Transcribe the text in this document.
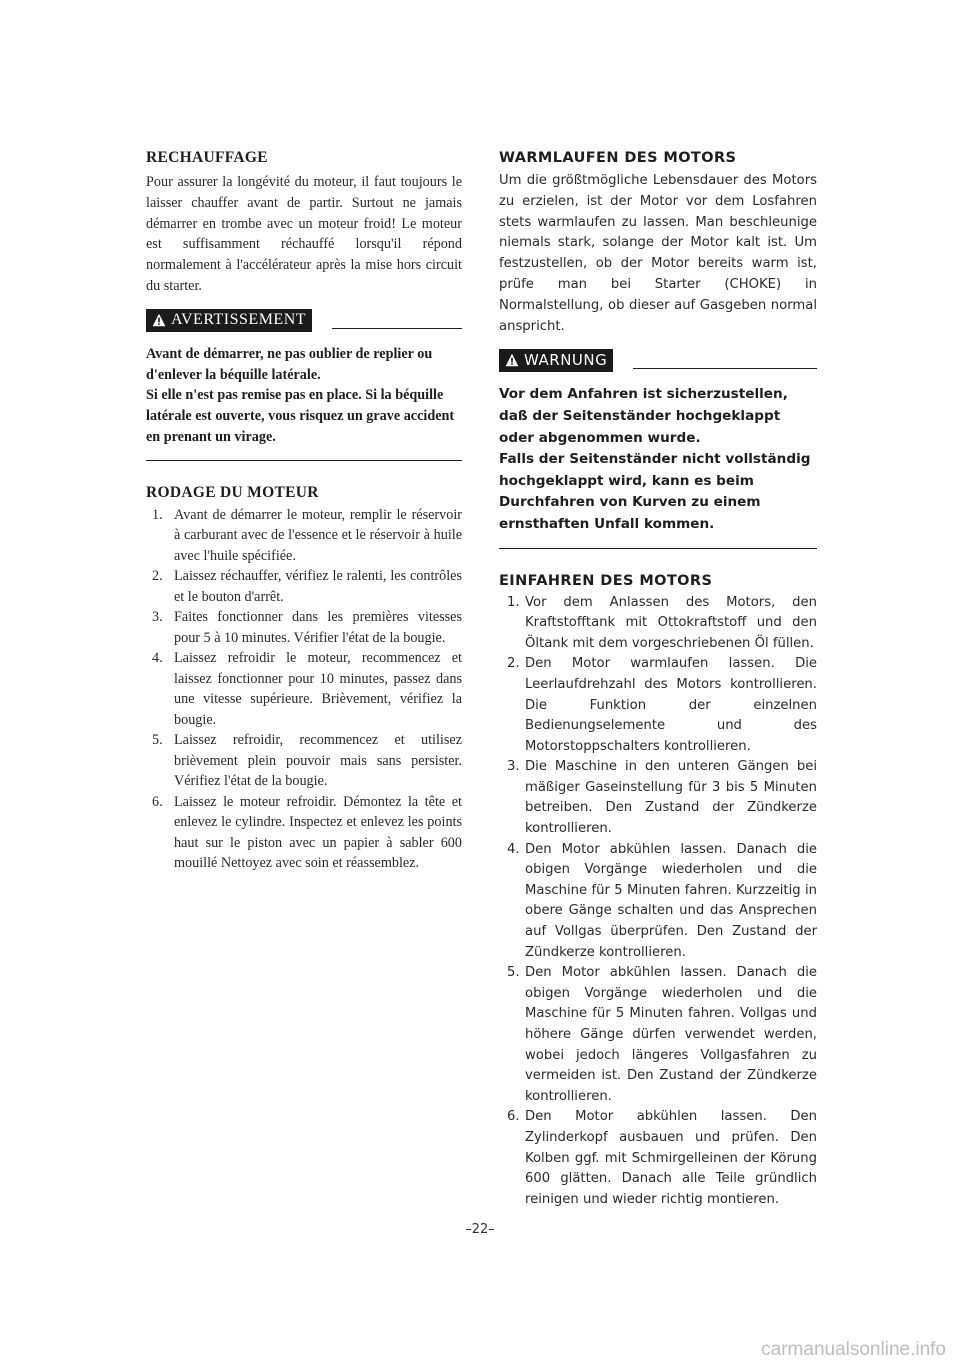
RECHAUFFAGE

Pour assurer la longévité du moteur, il faut toujours le laisser chauffer avant de partir. Surtout ne jamais démarrer en trombe avec un moteur froid! Le moteur est suffisamment réchauffé lorsqu'il répond normalement à l'accélérateur après la mise hors circuit du starter.

AVERTISSEMENT
Avant de démarrer, ne pas oublier de replier ou d'enlever la béquille latérale.
Si elle n'est pas remise pas en place. Si la béquille latérale est ouverte, vous risquez un grave accident en prenant un virage.
RODAGE DU MOTEUR
1. Avant de démarrer le moteur, remplir le réservoir à carburant avec de l'essence et le réservoir à huile avec l'huile spécifiée.
2. Laissez réchauffer, vérifiez le ralenti, les contrôles et le bouton d'arrêt.
3. Faites fonctionner dans les premières vitesses pour 5 à 10 minutes. Vérifier l'état de la bougie.
4. Laissez refroidir le moteur, recommencez et laissez fonctionner pour 10 minutes, passez dans une vitesse supérieure. Brièvement, vérifiez la bougie.
5. Laissez refroidir, recommencez et utilisez brièvement plein pouvoir mais sans persister. Vérifiez l'état de la bougie.
6. Laissez le moteur refroidir. Démontez la tête et enlevez le cylindre. Inspectez et enlevez les points haut sur le piston avec un papier à sabler 600 mouillé Nettoyez avec soin et réassemblez.
WARMLAUFEN DES MOTORS

Um die größtmögliche Lebensdauer des Motors zu erzielen, ist der Motor vor dem Losfahren stets warmlaufen zu lassen. Man beschleunige niemals stark, solange der Motor kalt ist. Um festzustellen, ob der Motor bereits warm ist, prüfe man bei Starter (CHOKE) in Normalstellung, ob dieser auf Gasgeben normal anspricht.

WARNUNG
Vor dem Anfahren ist sicherzustellen, daß der Seitenständer hochgeklappt oder abgenommen wurde.
Falls der Seitenständer nicht vollständig hochgeklappt wird, kann es beim Durchfahren von Kurven zu einem ernsthaften Unfall kommen.
EINFAHREN DES MOTORS
1. Vor dem Anlassen des Motors, den Kraftstofftank mit Ottokraftstoff und den Öltank mit dem vorgeschriebenen Öl füllen.
2. Den Motor warmlaufen lassen. Die Leerlaufdrehzahl des Motors kontrollieren. Die Funktion der einzelnen Bedienungselemente und des Motorstoppschalters kontrollieren.
3. Die Maschine in den unteren Gängen bei mäßiger Gaseinstellung für 3 bis 5 Minuten betreiben. Den Zustand der Zündkerze kontrollieren.
4. Den Motor abkühlen lassen. Danach die obigen Vorgänge wiederholen und die Maschine für 5 Minuten fahren. Kurzzeitig in obere Gänge schalten und das Ansprechen auf Vollgas überprüfen. Den Zustand der Zündkerze kontrollieren.
5. Den Motor abkühlen lassen. Danach die obigen Vorgänge wiederholen und die Maschine für 5 Minuten fahren. Vollgas und höhere Gänge dürfen verwendet werden, wobei jedoch längeres Vollgasfahren zu vermeiden ist. Den Zustand der Zündkerze kontrollieren.
6. Den Motor abkühlen lassen. Den Zylinderkopf ausbauen und prüfen. Den Kolben ggf. mit Schmirgelleinen der Körung 600 glätten. Danach alle Teile gründlich reinigen und wieder richtig montieren.
–22–
carmanualsonline.info
